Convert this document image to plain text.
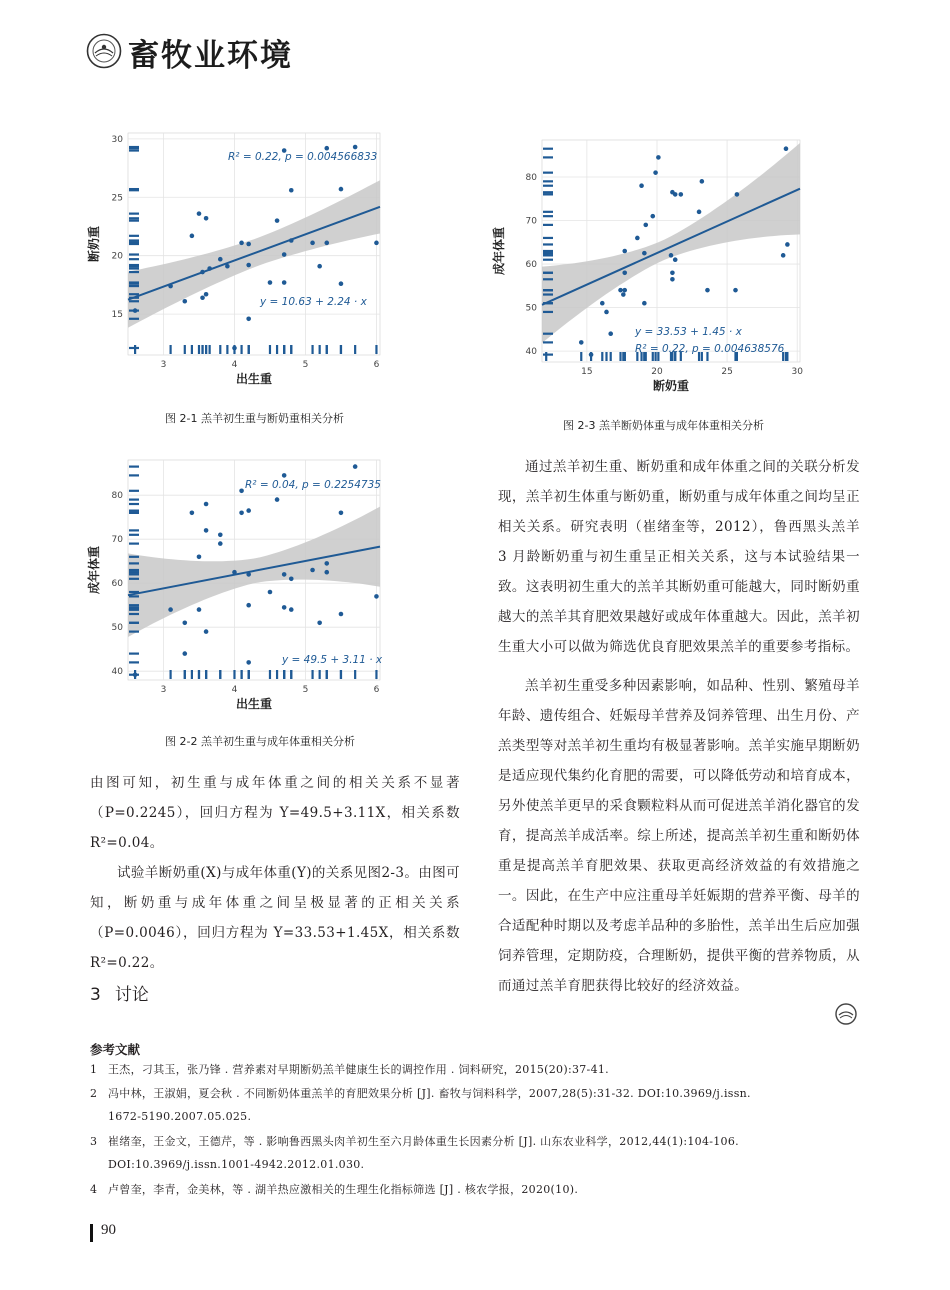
畜牧业环境
3	4	5	6
15
20
25
30
出生重
断奶重
R² = 0.22, p = 0.004566833
y = 10.63 + 2.24 · x
图 2-1 羔羊初生重与断奶重相关分析
3	4	5	6
40
50
60
70
80
出生重
成年体重
R² = 0.04, p = 0.2254735
y = 49.5 + 3.11 · x
图 2-2 羔羊初生重与成年体重相关分析
15	20	25	30
40
50
60
70
80
断奶重
成年体重
y = 33.53 + 1.45 · x
R² = 0.22, p = 0.004638576
图 2-3 羔羊断奶体重与成年体重相关分析

由图可知，初生重与成年体重之间的相关关系不显著（P=0.2245），回归方程为 Y=49.5+3.11X，相关系数 R²=0.04。

试验羊断奶重(X)与成年体重(Y)的关系见图2-3。由图可知，断奶重与成年体重之间呈极显著的正相关关系（P=0.0046），回归方程为 Y=33.53+1.45X，相关系数 R²=0.22。

3 讨论

通过羔羊初生重、断奶重和成年体重之间的关联分析发现，羔羊初生体重与断奶重，断奶重与成年体重之间均呈正相关关系。研究表明（崔绪奎等，2012），鲁西黑头羔羊 3 月龄断奶重与初生重呈正相关关系，这与本试验结果一致。这表明初生重大的羔羊其断奶重可能越大，同时断奶重越大的羔羊其育肥效果越好或成年体重越大。因此，羔羊初生重大小可以做为筛选优良育肥效果羔羊的重要参考指标。

羔羊初生重受多种因素影响，如品种、性别、繁殖母羊年龄、遗传组合、妊娠母羊营养及饲养管理、出生月份、产羔类型等对羔羊初生重均有极显著影响。羔羊实施早期断奶是适应现代集约化育肥的需要，可以降低劳动和培育成本，另外使羔羊更早的采食颗粒料从而可促进羔羊消化器官的发育，提高羔羊成活率。综上所述，提高羔羊初生重和断奶体重是提高羔羊育肥效果、获取更高经济效益的有效措施之一。因此，在生产中应注重母羊妊娠期的营养平衡、母羊的合适配种时期以及考虑羊品种的多胎性，羔羊出生后应加强饲养管理，定期防疫，合理断奶，提供平衡的营养物质，从而通过羔羊育肥获得比较好的经济效益。

参考文献
1 王杰，刁其玉，张乃锋 . 营养素对早期断奶羔羊健康生长的调控作用 . 饲料研究，2015(20):37-41.
2 冯中林，王淑娟，夏会秋 . 不同断奶体重羔羊的育肥效果分析 [J]. 畜牧与饲料科学，2007,28(5):31-32. DOI:10.3969/j.issn.
1672-5190.2007.05.025.
3 崔绪奎，王金文，王德芹，等 . 影响鲁西黑头肉羊初生至六月龄体重生长因素分析 [J]. 山东农业科学，2012,44(1):104-106.
DOI:10.3969/j.issn.1001-4942.2012.01.030.
4 卢曾奎，李青，金美林，等 . 湖羊热应激相关的生理生化指标筛选 [J] . 核农学报，2020(10).
90
